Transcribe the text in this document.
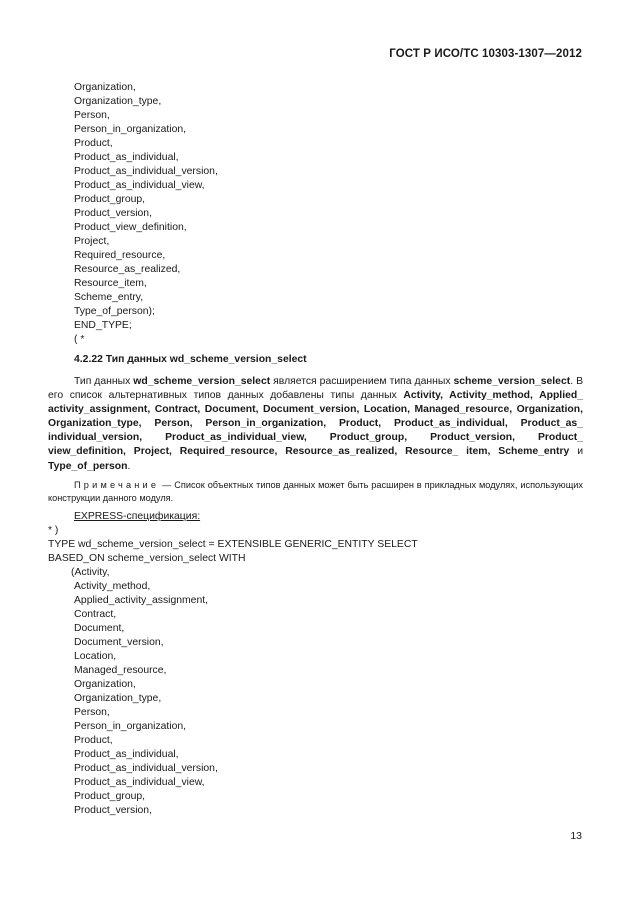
ГОСТ Р ИСО/ТС 10303-1307—2012
Organization,
Organization_type,
Person,
Person_in_organization,
Product,
Product_as_individual,
Product_as_individual_version,
Product_as_individual_view,
Product_group,
Product_version,
Product_view_definition,
Project,
Required_resource,
Resource_as_realized,
Resource_item,
Scheme_entry,
Type_of_person);
END_TYPE;
( *
4.2.22 Тип данных wd_scheme_version_select
Тип данных wd_scheme_version_select является расширением типа данных scheme_version_select. В его список альтернативных типов данных добавлены типы данных Activity, Activity_method, Applied_ activity_assignment, Contract, Document, Document_version, Location, Managed_resource, Organization, Organization_type, Person, Person_in_organization, Product, Product_as_individual, Product_as_ individual_version, Product_as_individual_view, Product_group, Product_version, Product_ view_definition, Project, Required_resource, Resource_as_realized, Resource_ item, Scheme_entry и Type_of_person.
Примечание — Список объектных типов данных может быть расширен в прикладных модулях, использующих конструкции данного модуля.
EXPRESS-спецификация:
* )
TYPE wd_scheme_version_select = EXTENSIBLE GENERIC_ENTITY SELECT
BASED_ON scheme_version_select WITH
(Activity,
Activity_method,
Applied_activity_assignment,
Contract,
Document,
Document_version,
Location,
Managed_resource,
Organization,
Organization_type,
Person,
Person_in_organization,
Product,
Product_as_individual,
Product_as_individual_version,
Product_as_individual_view,
Product_group,
Product_version,
13
